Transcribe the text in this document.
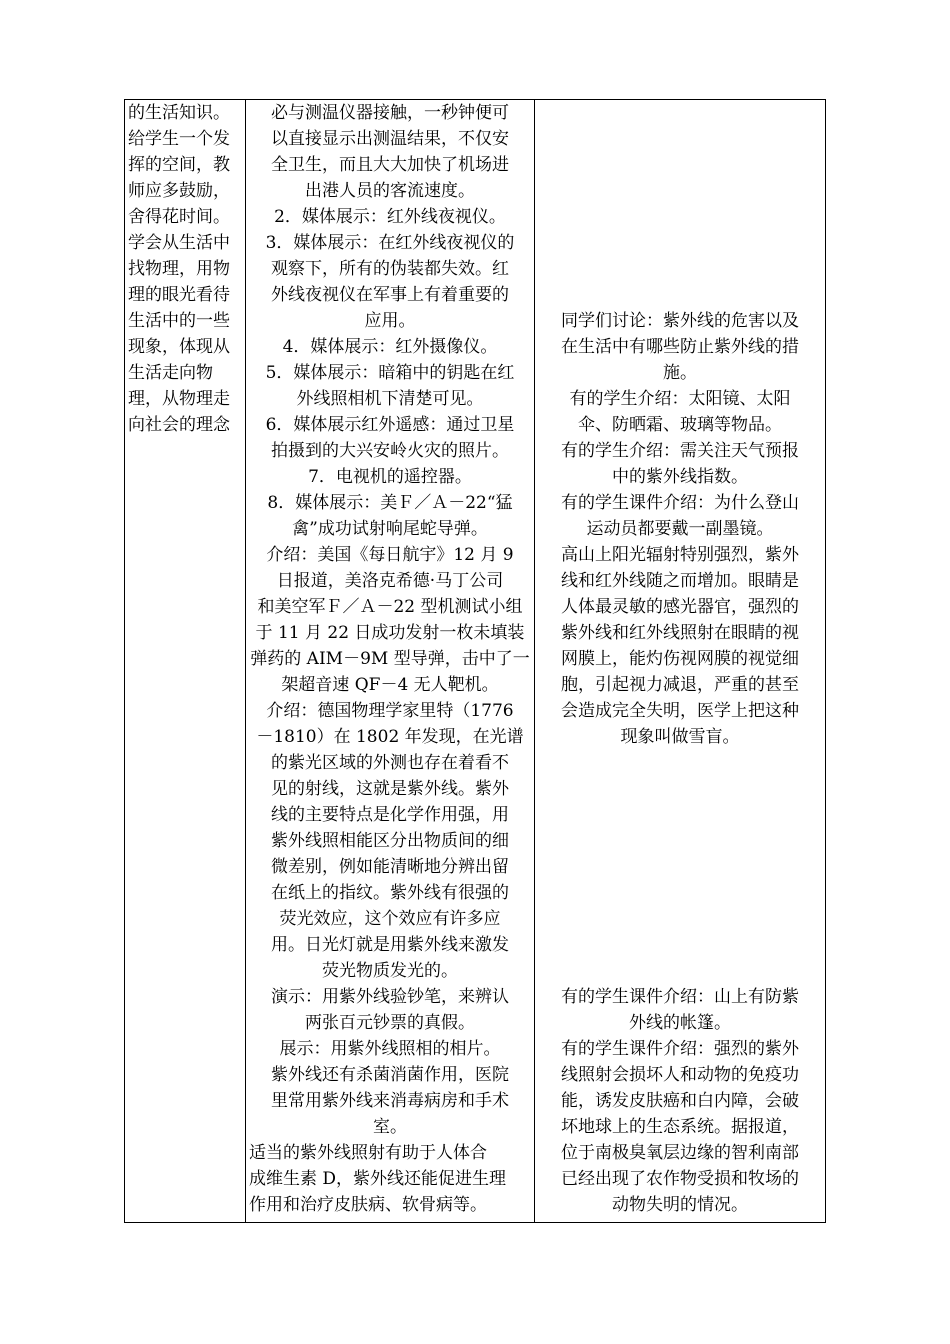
的生活知识。
给学生一个发
挥的空间，教
师应多鼓励，
舍得花时间。
学会从生活中
找物理，用物
理的眼光看待
生活中的一些
现象，体现从
生活走向物
理，从物理走
向社会的理念
必与测温仪器接触，一秒钟便可
以直接显示出测温结果，不仅安
全卫生，而且大大加快了机场进
出港人员的客流速度。
2．媒体展示：红外线夜视仪。
3．媒体展示：在红外线夜视仪的
观察下，所有的伪装都失效。红
外线夜视仪在军事上有着重要的
应用。
4．媒体展示：红外摄像仪。
5．媒体展示：暗箱中的钥匙在红
外线照相机下清楚可见。
6．媒体展示红外遥感：通过卫星
拍摄到的大兴安岭火灾的照片。
7．电视机的遥控器。
8．媒体展示：美Ｆ／Ａ－22“猛
禽”成功试射响尾蛇导弹。
介绍：美国《每日航宇》12 月 9
日报道，美洛克希德·马丁公司
和美空军Ｆ／Ａ－22 型机测试小组
于 11 月 22 日成功发射一枚未填装
弹药的 AIM－9M 型导弹，击中了一
架超音速 QF－4 无人靶机。
介绍：德国物理学家里特（1776
－1810）在 1802 年发现，在光谱
的紫光区域的外测也存在着看不
见的射线，这就是紫外线。紫外
线的主要特点是化学作用强，用
紫外线照相能区分出物质间的细
微差别，例如能清晰地分辨出留
在纸上的指纹。紫外线有很强的
荧光效应，这个效应有许多应
用。日光灯就是用紫外线来激发
荧光物质发光的。
演示：用紫外线验钞笔，来辨认
两张百元钞票的真假。
展示：用紫外线照相的相片。
紫外线还有杀菌消菌作用，医院
里常用紫外线来消毒病房和手术
室。
适当的紫外线照射有助于人体合
成维生素 D，紫外线还能促进生理
作用和治疗皮肤病、软骨病等。
同学们讨论：紫外线的危害以及
在生活中有哪些防止紫外线的措
施。
有的学生介绍：太阳镜、太阳
伞、防晒霜、玻璃等物品。
有的学生介绍：需关注天气预报
中的紫外线指数。
有的学生课件介绍：为什么登山
运动员都要戴一副墨镜。
高山上阳光辐射特别强烈，紫外
线和红外线随之而增加。眼睛是
人体最灵敏的感光器官，强烈的
紫外线和红外线照射在眼睛的视
网膜上，能灼伤视网膜的视觉细
胞，引起视力减退，严重的甚至
会造成完全失明，医学上把这种
现象叫做雪盲。
有的学生课件介绍：山上有防紫
外线的帐篷。
有的学生课件介绍：强烈的紫外
线照射会损坏人和动物的免疫功
能，诱发皮肤癌和白内障，会破
坏地球上的生态系统。据报道，
位于南极臭氧层边缘的智利南部
已经出现了农作物受损和牧场的
动物失明的情况。
